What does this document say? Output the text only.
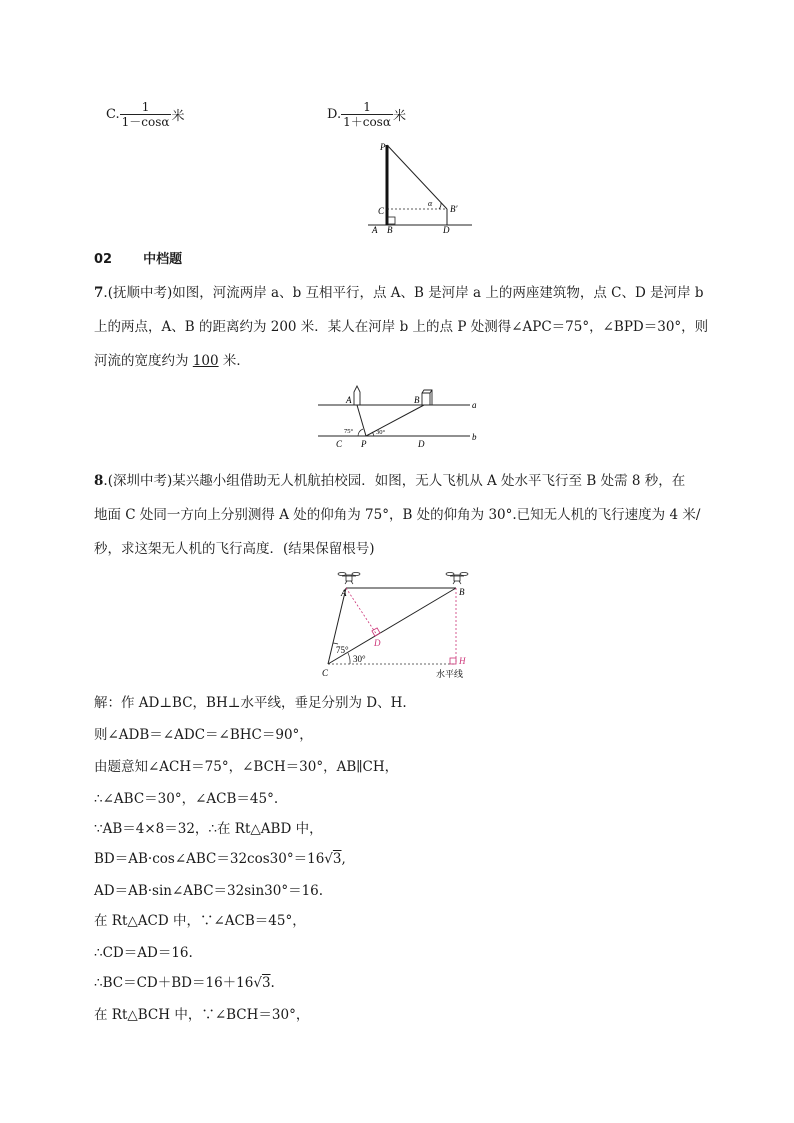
C. $\frac{1}{1-\cos\alpha}$ 米	D. $\frac{1}{1+\cos\alpha}$ 米
P
C
A B	D
B′
α
02 中档题
7.(抚顺中考)如图，河流两岸 a、b 互相平行，点 A、B 是河岸 a 上的两座建筑物，点 C、D 是河岸 b
上的两点，A、B 的距离约为 200 米．某人在河岸 b 上的点 P 处测得∠APC＝75°，∠BPD＝30°，则
河流的宽度约为 100 米．
A	B	a
b
C P	D
75°	30°
8.(深圳中考)某兴趣小组借助无人机航拍校园．如图，无人飞机从 A 处水平飞行至 B 处需 8 秒，在
地面 C 处同一方向上分别测得 A 处的仰角为 75°，B 处的仰角为 30°.已知无人机的飞行速度为 4 米/
秒，求这架无人机的飞行高度．(结果保留根号)
A	B
C
D
H
75°
30°
水平线
解：作 AD⊥BC，BH⊥水平线，垂足分别为 D、H.
则∠ADB＝∠ADC＝∠BHC＝90°，
由题意知∠ACH＝75°，∠BCH＝30°，AB∥CH，
∴∠ABC＝30°，∠ACB＝45°.
∵AB＝4×8＝32，∴在 Rt△ABD 中，
BD＝AB·cos∠ABC＝32cos30°＝16√3,
AD＝AB·sin∠ABC＝32sin30°＝16.
在 Rt△ACD 中，∵∠ACB＝45°，
∴CD＝AD＝16.
∴BC＝CD＋BD＝16＋16√3.
在 Rt△BCH 中，∵∠BCH＝30°，
